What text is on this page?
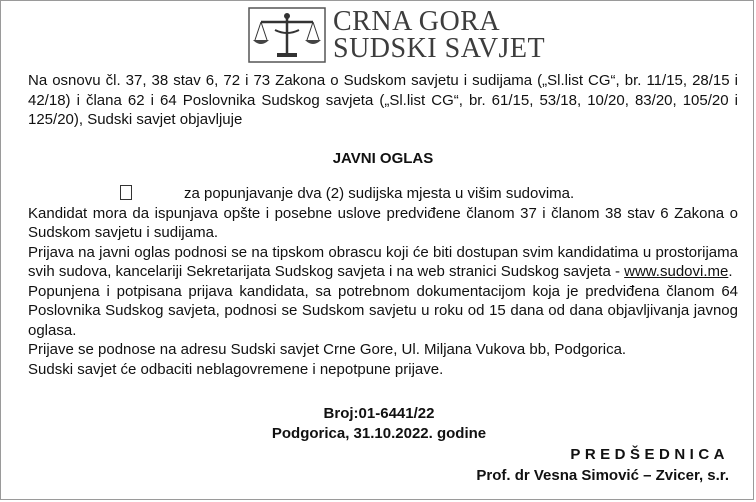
CRNA GORA
SUDSKI SAVJET

Na osnovu čl. 37, 38 stav 6, 72 i 73 Zakona o Sudskom savjetu i sudijama („Sl.list CG“, br. 11/15, 28/15 i 42/18) i člana 62 i 64 Poslovnika Sudskog savjeta („Sl.list CG“, br. 61/15, 53/18, 10/20, 83/20, 105/20 i 125/20), Sudski savjet objavljuje

JAVNI OGLAS

za popunjavanje dva (2) sudijska mjesta u višim sudovima.

Kandidat mora da ispunjava opšte i posebne uslove predviđene članom 37 i članom 38 stav 6 Zakona o Sudskom savjetu i sudijama.

Prijava na javni oglas podnosi se na tipskom obrascu koji će biti dostupan svim kandidatima u prostorijama svih sudova, kancelariji Sekretarijata Sudskog savjeta i na web stranici Sudskog savjeta - www.sudovi.me.

Popunjena i potpisana prijava kandidata, sa potrebnom dokumentacijom koja je predviđena članom 64 Poslovnika Sudskog savjeta, podnosi se Sudskom savjetu u roku od 15 dana od dana objavljivanja javnog oglasa.

Prijave se podnose na adresu Sudski savjet Crne Gore, Ul. Miljana Vukova bb, Podgorica.

Sudski savjet će odbaciti neblagovremene i nepotpune prijave.

Broj:01-6441/22
Podgorica, 31.10.2022. godine
PREDŠEDNICA
Prof. dr Vesna Simović – Zvicer, s.r.
